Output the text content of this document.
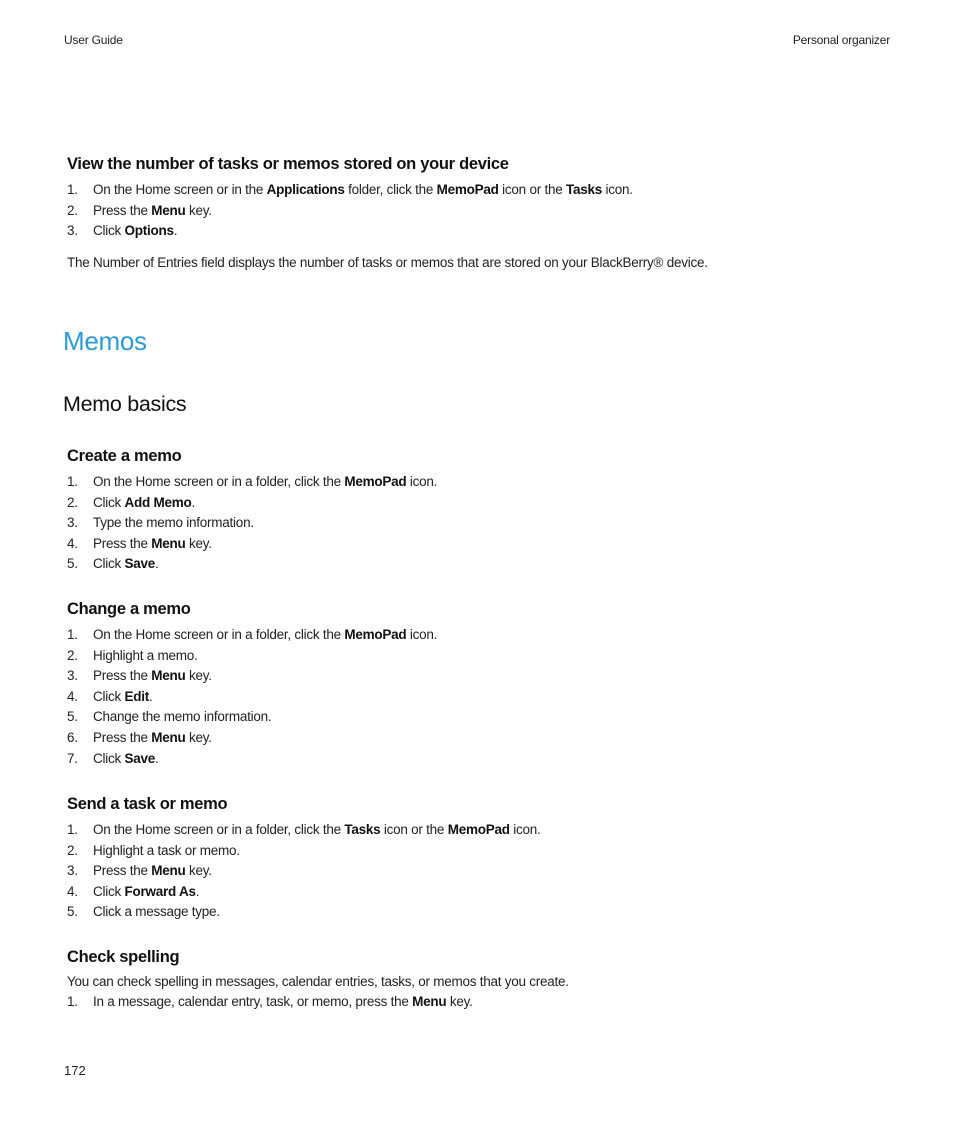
User Guide	Personal organizer
View the number of tasks or memos stored on your device
1. On the Home screen or in the Applications folder, click the MemoPad icon or the Tasks icon.
2. Press the Menu key.
3. Click Options.
The Number of Entries field displays the number of tasks or memos that are stored on your BlackBerry® device.
Memos
Memo basics
Create a memo
1. On the Home screen or in a folder, click the MemoPad icon.
2. Click Add Memo.
3. Type the memo information.
4. Press the Menu key.
5. Click Save.
Change a memo
1. On the Home screen or in a folder, click the MemoPad icon.
2. Highlight a memo.
3. Press the Menu key.
4. Click Edit.
5. Change the memo information.
6. Press the Menu key.
7. Click Save.
Send a task or memo
1. On the Home screen or in a folder, click the Tasks icon or the MemoPad icon.
2. Highlight a task or memo.
3. Press the Menu key.
4. Click Forward As.
5. Click a message type.
Check spelling
You can check spelling in messages, calendar entries, tasks, or memos that you create.
1. In a message, calendar entry, task, or memo, press the Menu key.
172
